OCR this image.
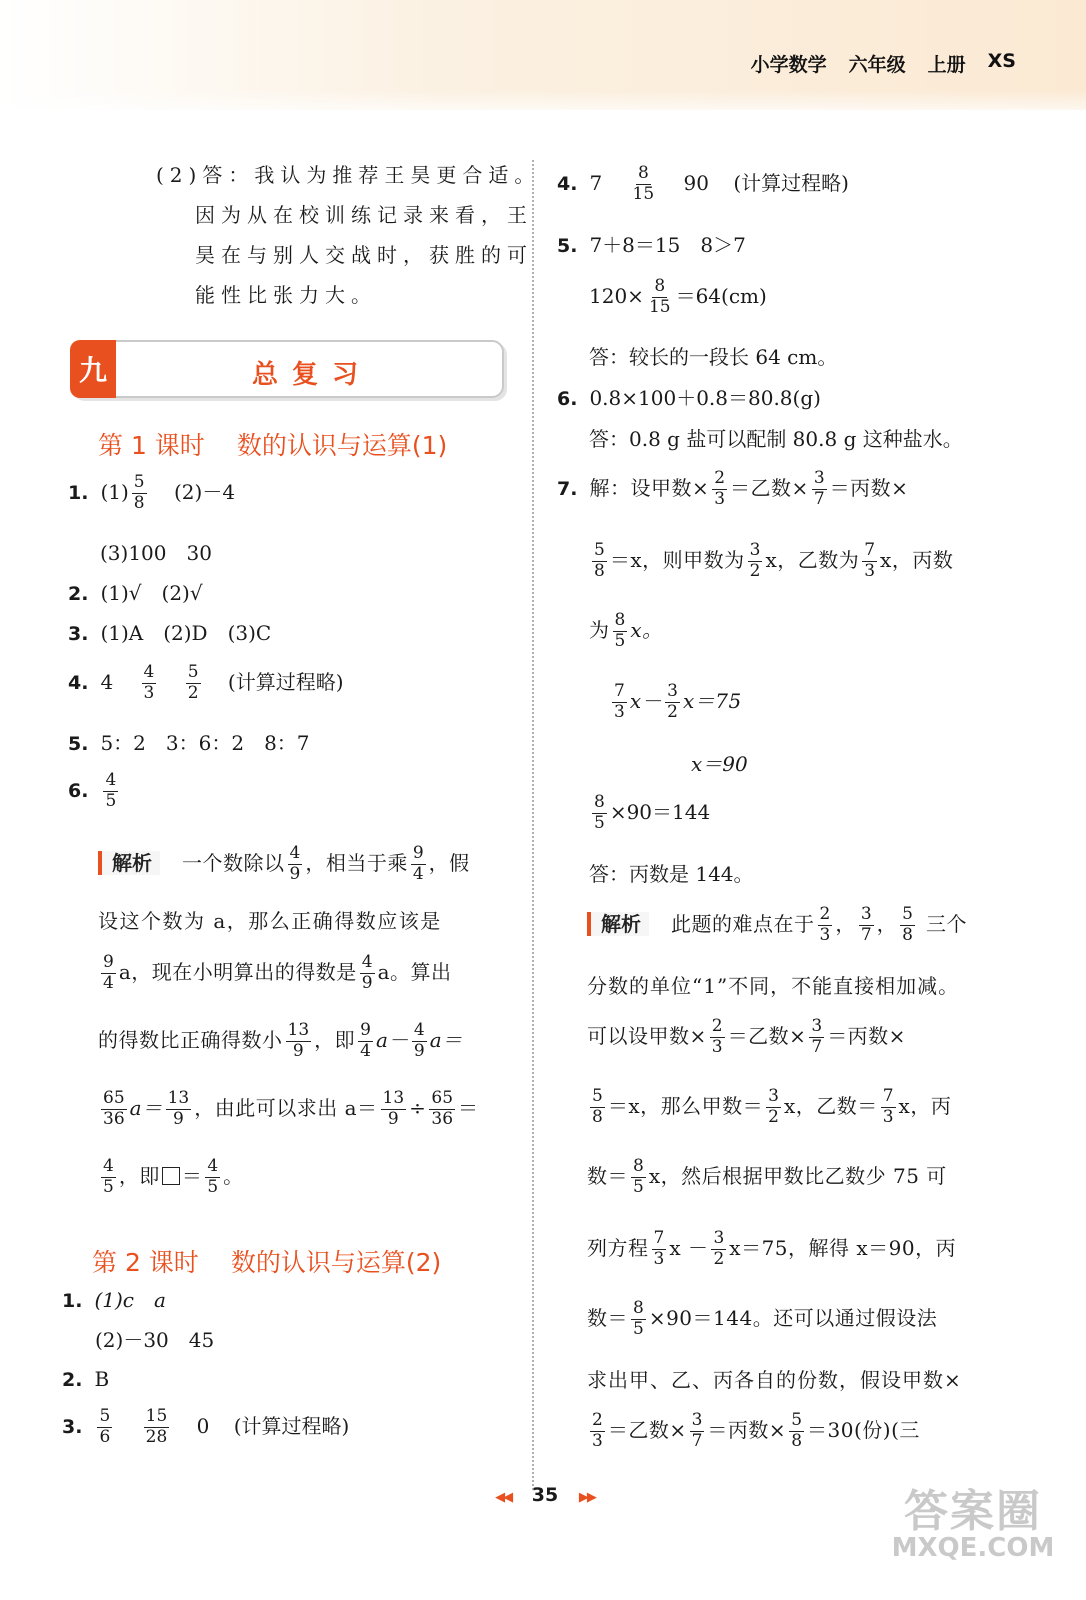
小学数学 六年级 上册 XS
(2)答：我认为推荐王昊更合适。
因为从在校训练记录来看，王
昊在与别人交战时，获胜的可
能性比张力大。
九	总复习
第 1 课时 数的认识与运算(1)
1. $(1) \frac{5}{8} (2)-4$
(3)100　30
2. (1)√　(2)√
3. (1)A　(2)D　(3)C
4. $4 \frac{4}{3}$
$\frac{5}{2}$ (计算过程略)
5. 5：2　3：6：2　8：7
6. $\frac{4}{5}$
解析 一个数除以 $\frac{4}{9}$ ，相当于乘 $\frac{9}{4}$ ，假
设这个数为 a，那么正确得数应该是
$\frac{9}{4}$ a，现在小明算出的得数是 $\frac{4}{9}$ a。算出
的得数比正确得数小 $\frac{13}{9}$ ，即 $\frac{9}{4} a- \frac{4}{9} a=$
$\frac{65}{36} a= \frac{13}{9}$ ，由此可以求出 $a= \frac{13}{9} \div \frac{65}{36}$ ＝
$\frac{4}{5}$ ，即 ＝ $\frac{4}{5}$ 。
第 2 课时 数的认识与运算(2)
1. (1)c　a
(2)－30　45
2. B
3. $\frac{5}{6}$
$\frac{15}{28} 0$ (计算过程略)
4. $7 \frac{8}{15} 90$ (计算过程略)
5. 7＋8＝15　8＞7
$120\times \frac{8}{15} =64(cm)$
答：较长的一段长 64 cm。
6. 0.8×100＋0.8＝80.8(g)
答：0.8 g 盐可以配制 80.8 g 这种盐水。
7. 解：设甲数× $\frac{2}{3}$ ＝乙数× $\frac{3}{7}$ ＝丙数×
$\frac{5}{8} =x$，则甲数为 $\frac{3}{2}$ x，乙数为 $\frac{7}{3}$ x，丙数
为 $\frac{8}{5}$ x。
$\frac{7}{3} x- \frac{3}{2} x=75$
x＝90
$\frac{8}{5} \times 90=144$
答：丙数是 144。
解析 此题的难点在于 $\frac{2}{3}$ ， $\frac{3}{7}$ ， $\frac{5}{8}$ 三个
分数的单位“1”不同，不能直接相加减。
可以设甲数× $\frac{2}{3}$ ＝乙数× $\frac{3}{7}$ ＝丙数×
$\frac{5}{8} =x$，那么甲数＝ $\frac{3}{2}$ x，乙数＝ $\frac{7}{3}$ x，丙
数＝ $\frac{8}{5}$ x，然后根据甲数比乙数少 75 可
列方程 $\frac{7}{3}$ $x - \frac{3}{2} x=75$，解得 x＝90，丙
数＝ $\frac{8}{5} \times 90=144$。还可以通过假设法
求出甲、乙、丙各自的份数，假设甲数×
$\frac{2}{3}$ ＝乙数× $\frac{3}{7}$ ＝丙数× $\frac{5}{8} =30$(份)(三
◀◀ 35 ▶▶	答案圈
MXQE.COM
